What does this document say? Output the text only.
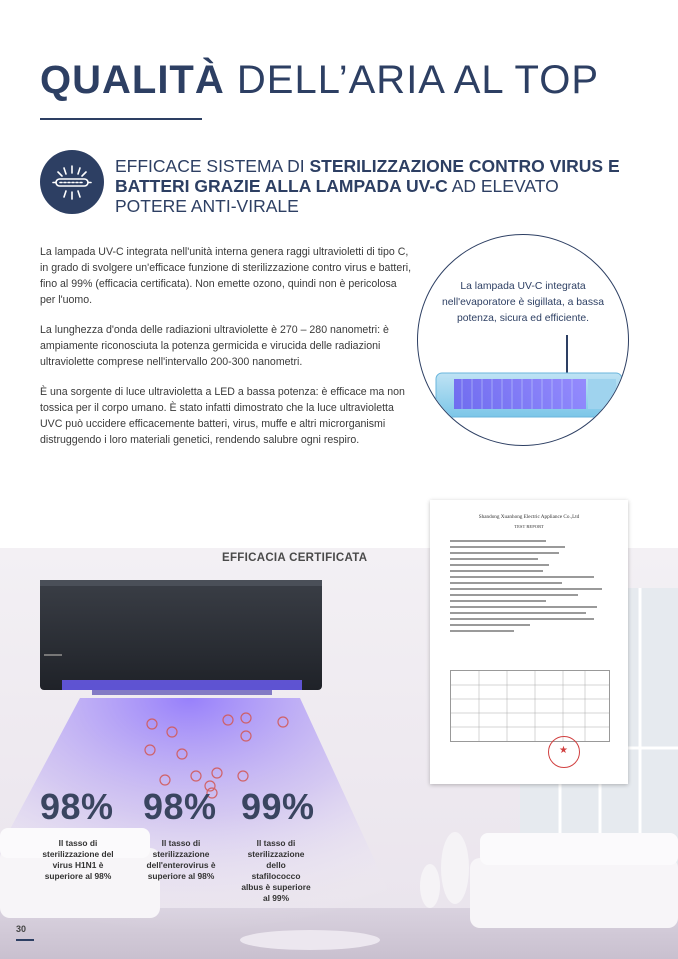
QUALITÀ DELL’ARIA AL TOP
EFFICACE SISTEMA DI STERILIZZAZIONE CONTRO VIRUS E BATTERI GRAZIE ALLA LAMPADA UV-C AD ELEVATO POTERE ANTI-VIRALE

La lampada UV-C integrata nell'unità interna genera raggi ultravioletti di tipo C, in grado di svolgere un'efficace funzione di sterilizzazione contro virus e batteri, fino al 99% (efficacia certificata). Non emette ozono, quindi non è pericolosa per l'uomo.

La lunghezza d'onda delle radiazioni ultraviolette è 270 – 280 nanometri: è ampiamente riconosciuta la potenza germicida e virucida delle radiazioni ultraviolette comprese nell'intervallo 200-300 nanometri.

È una sorgente di luce ultravioletta a LED a bassa potenza: è efficace ma non tossica per il corpo umano. È stato infatti dimostrato che la luce ultravioletta UVC può uccidere efficacemente batteri, virus, muffe e altri microrganismi distruggendo i loro materiali genetici, rendendo salubre ogni respiro.

La lampada UV-C integrata nell'evaporatore è sigillata, a bassa potenza, sicura ed efficiente.
EFFICACIA CERTIFICATA
Shandong Xuanhong Electric Appliance Co.,Ltd
TEST REPORT
★
98% 98% 99%
Il tasso di sterilizzazione del virus H1N1 è superiore al 98%
Il tasso di sterilizzazione dell'enterovirus è superiore al 98%
Il tasso di sterilizzazione dello stafilococco albus è superiore al 99%
30
